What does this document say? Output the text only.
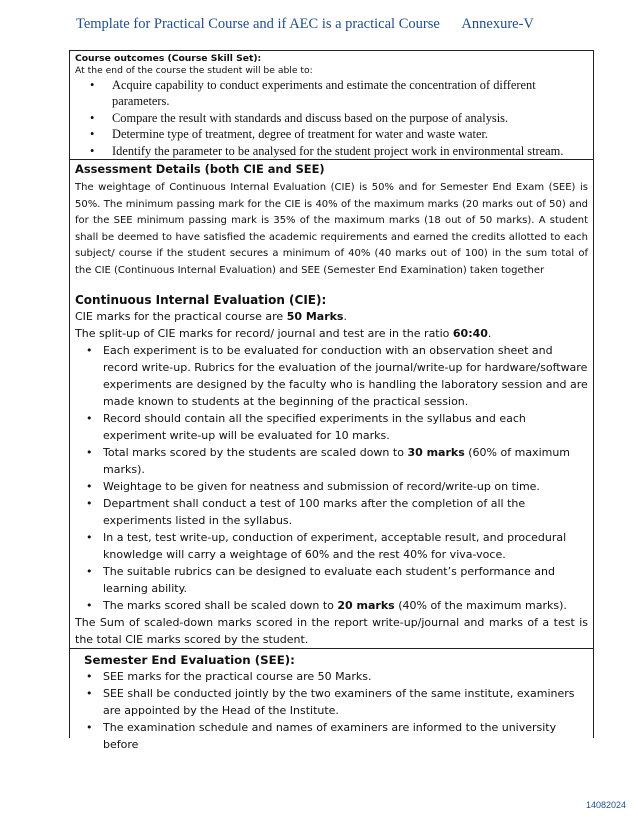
Template for Practical Course and if AEC is a practical Course Annexure-V
Course outcomes (Course Skill Set):
At the end of the course the student will be able to:
• Acquire capability to conduct experiments and estimate the concentration of different parameters.
• Compare the result with standards and discuss based on the purpose of analysis.
• Determine type of treatment, degree of treatment for water and waste water.
• Identify the parameter to be analysed for the student project work in environmental stream.
Assessment Details (both CIE and SEE)
The weightage of Continuous Internal Evaluation (CIE) is 50% and for Semester End Exam (SEE) is 50%. The minimum passing mark for the CIE is 40% of the maximum marks (20 marks out of 50) and for the SEE minimum passing mark is 35% of the maximum marks (18 out of 50 marks). A student shall be deemed to have satisfied the academic requirements and earned the credits allotted to each subject/ course if the student secures a minimum of 40% (40 marks out of 100) in the sum total of the CIE (Continuous Internal Evaluation) and SEE (Semester End Examination) taken together
Continuous Internal Evaluation (CIE):
CIE marks for the practical course are 50 Marks.
The split-up of CIE marks for record/ journal and test are in the ratio 60:40.
• Each experiment is to be evaluated for conduction with an observation sheet and record write-up. Rubrics for the evaluation of the journal/write-up for hardware/software experiments are designed by the faculty who is handling the laboratory session and are made known to students at the beginning of the practical session.
• Record should contain all the specified experiments in the syllabus and each experiment write-up will be evaluated for 10 marks.
• Total marks scored by the students are scaled down to 30 marks (60% of maximum marks).
• Weightage to be given for neatness and submission of record/write-up on time.
• Department shall conduct a test of 100 marks after the completion of all the experiments listed in the syllabus.
• In a test, test write-up, conduction of experiment, acceptable result, and procedural knowledge will carry a weightage of 60% and the rest 40% for viva-voce.
• The suitable rubrics can be designed to evaluate each student’s performance and learning ability.
• The marks scored shall be scaled down to 20 marks (40% of the maximum marks).
The Sum of scaled-down marks scored in the report write-up/journal and marks of a test is the total CIE marks scored by the student.
Semester End Evaluation (SEE):
• SEE marks for the practical course are 50 Marks.
• SEE shall be conducted jointly by the two examiners of the same institute, examiners are appointed by the Head of the Institute.
• The examination schedule and names of examiners are informed to the university before
14082024
